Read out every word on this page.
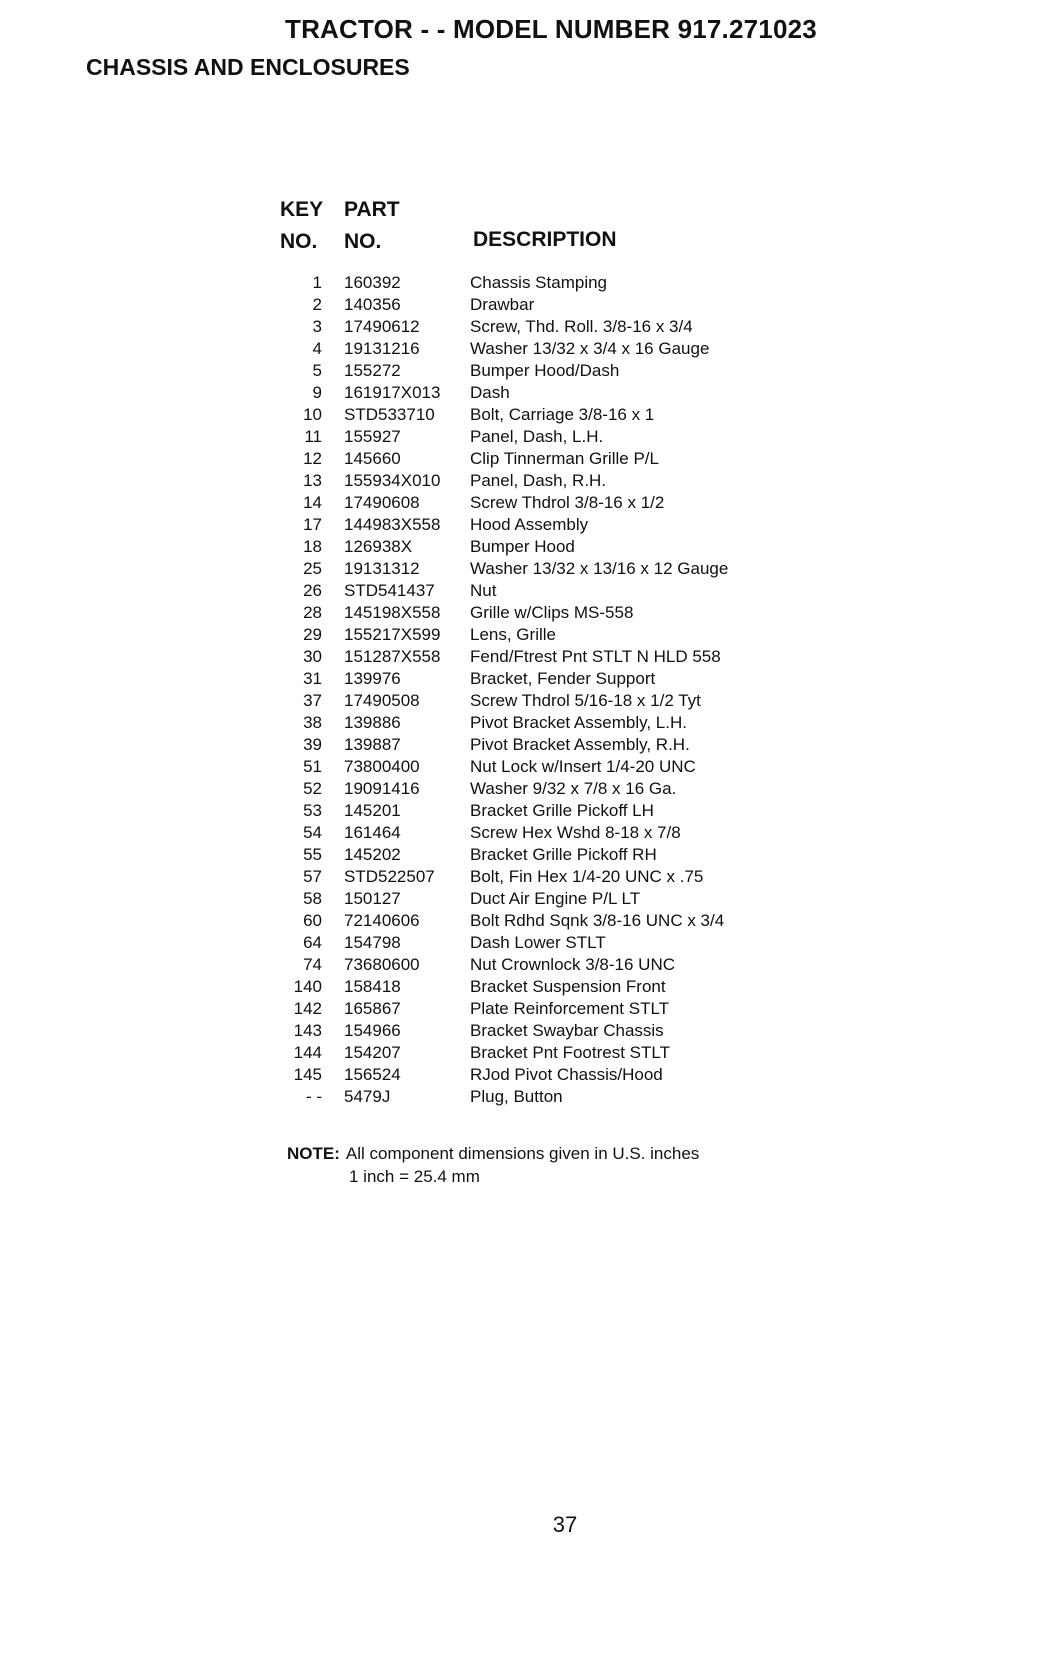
TRACTOR - - MODEL NUMBER 917.271023
CHASSIS AND ENCLOSURES
KEY
NO.
PART
NO.	DESCRIPTION
1 160392	Chassis Stamping
2 140356	Drawbar
3 17490612	Screw, Thd. Roll. 3/8-16 x 3/4
4 19131216	Washer 13/32 x 3/4 x 16 Gauge
5 155272	Bumper Hood/Dash
9 161917X013 Dash
10 STD533710 Bolt, Carriage 3/8-16 x 1
11 155927	Panel, Dash, L.H.
12 145660	Clip Tinnerman Grille P/L
13 155934X010 Panel, Dash, R.H.
14 17490608	Screw Thdrol 3/8-16 x 1/2
17 144983X558 Hood Assembly
18 126938X	Bumper Hood
25 19131312	Washer 13/32 x 13/16 x 12 Gauge
26 STD541437 Nut
28 145198X558 Grille w/Clips MS-558
29 155217X599 Lens, Grille
30 151287X558 Fend/Ftrest Pnt STLT N HLD 558
31 139976	Bracket, Fender Support
37 17490508	Screw Thdrol 5/16-18 x 1/2 Tyt
38 139886	Pivot Bracket Assembly, L.H.
39 139887	Pivot Bracket Assembly, R.H.
51 73800400	Nut Lock w/Insert 1/4-20 UNC
52 19091416	Washer 9/32 x 7/8 x 16 Ga.
53 145201	Bracket Grille Pickoff LH
54 161464	Screw Hex Wshd 8-18 x 7/8
55 145202	Bracket Grille Pickoff RH
57 STD522507 Bolt, Fin Hex 1/4-20 UNC x .75
58 150127	Duct Air Engine P/L LT
60 72140606	Bolt Rdhd Sqnk 3/8-16 UNC x 3/4
64 154798	Dash Lower STLT
74 73680600	Nut Crownlock 3/8-16 UNC
140 158418	Bracket Suspension Front
142 165867	Plate Reinforcement STLT
143 154966	Bracket Swaybar Chassis
144 154207	Bracket Pnt Footrest STLT
145 156524	RJod Pivot Chassis/Hood
- - 5479J	Plug, Button
NOTE: All component dimensions given in U.S. inches
1 inch = 25.4 mm
37
